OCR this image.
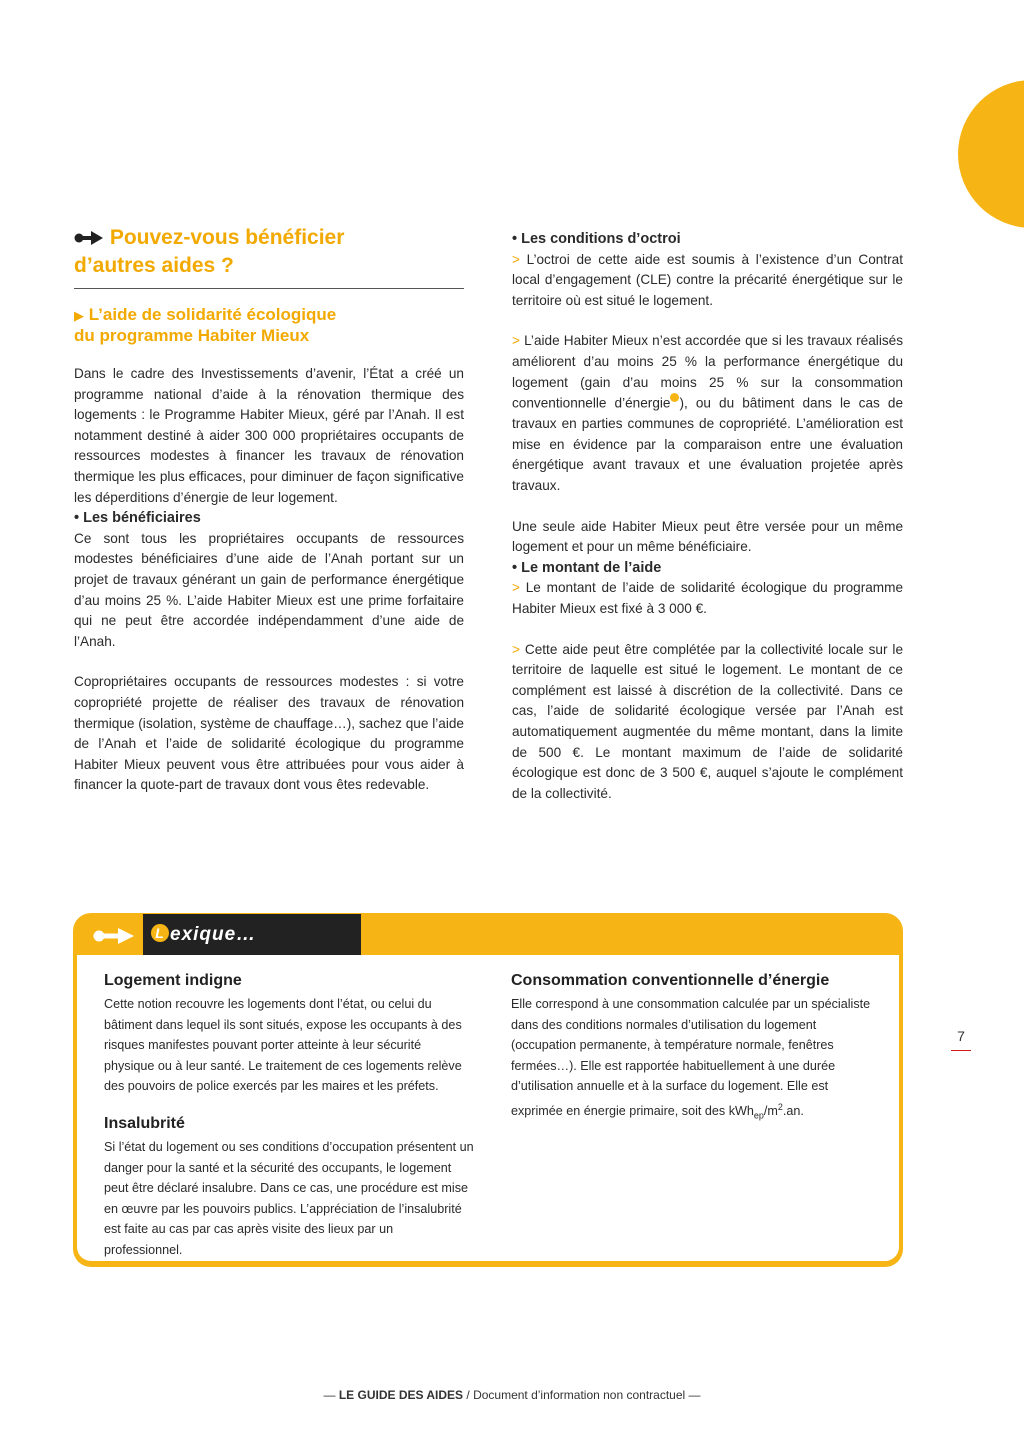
Pouvez-vous bénéficier
d’autres aides ?
▶ L’aide de solidarité écologique
du programme Habiter Mieux

Dans le cadre des Investissements d’avenir, l’État a créé un programme national d’aide à la rénovation thermique des logements : le Programme Habiter Mieux, géré par l’Anah. Il est notamment destiné à aider 300 000 propriétaires occupants de ressources modestes à financer les travaux de rénovation thermique les plus efficaces, pour diminuer de façon significative les déperditions d’énergie de leur logement.

• Les bénéficiaires

Ce sont tous les propriétaires occupants de ressources modestes bénéficiaires d’une aide de l’Anah portant sur un projet de travaux générant un gain de performance énergétique d’au moins 25 %. L’aide Habiter Mieux est une prime forfaitaire qui ne peut être accordée indépendamment d’une aide de l’Anah.

Copropriétaires occupants de ressources modestes : si votre copropriété projette de réaliser des travaux de rénovation thermique (isolation, système de chauffage…), sachez que l’aide de l’Anah et l’aide de solidarité écologique du programme Habiter Mieux peuvent vous être attribuées pour vous aider à financer la quote-part de travaux dont vous êtes redevable.

• Les conditions d’octroi

> L’octroi de cette aide est soumis à l’existence d’un Contrat local d’engagement (CLE) contre la précarité énergétique sur le territoire où est situé le logement.

> L’aide Habiter Mieux n’est accordée que si les travaux réalisés améliorent d’au moins 25 % la performance énergétique du logement (gain d’au moins 25 % sur la consommation conventionnelle d’énergie ), ou du bâtiment dans le cas de travaux en parties communes de copropriété. L’amélioration est mise en évidence par la comparaison entre une évaluation énergétique avant travaux et une évaluation projetée après travaux.

Une seule aide Habiter Mieux peut être versée pour un même logement et pour un même bénéficiaire.

• Le montant de l’aide

> Le montant de l’aide de solidarité écologique du programme Habiter Mieux est fixé à 3 000 €.

> Cette aide peut être complétée par la collectivité locale sur le territoire de laquelle est situé le logement. Le montant de ce complément est laissé à discrétion de la collectivité. Dans ce cas, l’aide de solidarité écologique versée par l’Anah est automatiquement augmentée du même montant, dans la limite de 500 €. Le montant maximum de l’aide de solidarité écologique est donc de 3 500 €, auquel s’ajoute le complément de la collectivité.

L exique…

Logement indigne

Cette notion recouvre les logements dont l’état, ou celui du bâtiment dans lequel ils sont situés, expose les occupants à des risques manifestes pouvant porter atteinte à leur sécurité physique ou à leur santé. Le traitement de ces logements relève des pouvoirs de police exercés par les maires et les préfets.

Insalubrité

Si l’état du logement ou ses conditions d’occupation présentent un danger pour la santé et la sécurité des occupants, le logement peut être déclaré insalubre. Dans ce cas, une procédure est mise en œuvre par les pouvoirs publics. L’appréciation de l’insalubrité est faite au cas par cas après visite des lieux par un professionnel.

Consommation conventionnelle d’énergie

Elle correspond à une consommation calculée par un spécialiste dans des conditions normales d’utilisation du logement (occupation permanente, à température normale, fenêtres fermées…). Elle est rapportée habituellement à une durée d’utilisation annuelle et à la surface du logement. Elle est exprimée en énergie primaire, soit des $kWh_{ep}/m^2.an$.

7
— LE GUIDE DES AIDES / Document d’information non contractuel —
